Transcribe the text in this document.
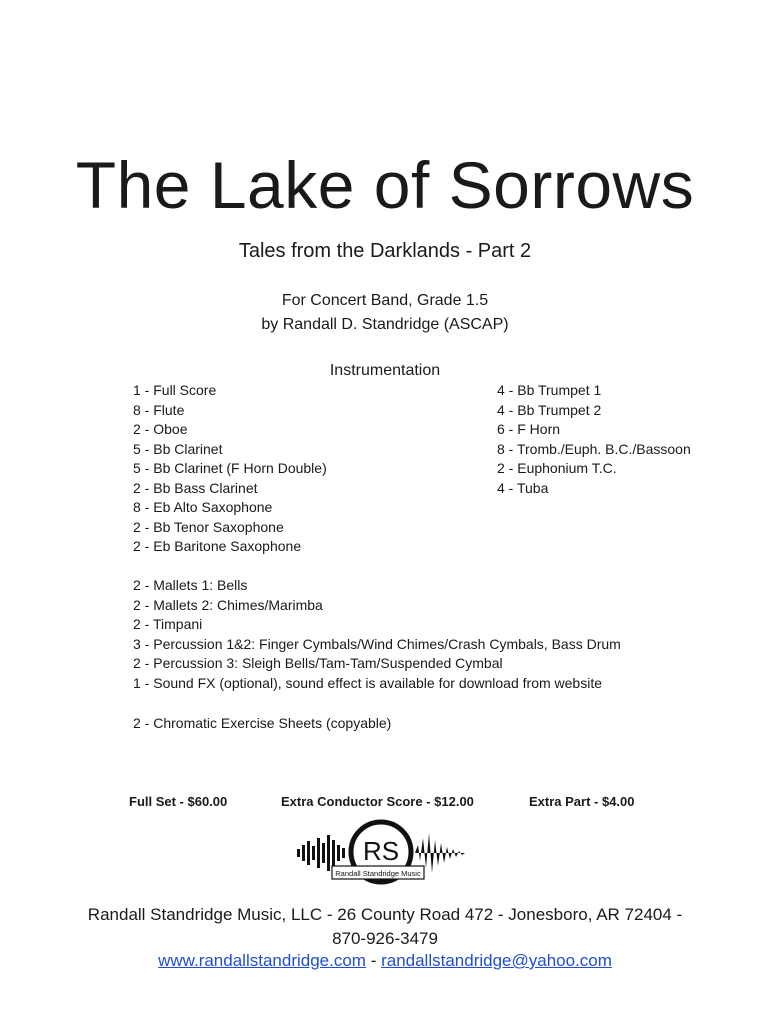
The Lake of Sorrows
Tales from the Darklands - Part 2
For Concert Band, Grade 1.5
by Randall D. Standridge (ASCAP)
Instrumentation
1 - Full Score
8 - Flute
2 - Oboe
5 - Bb Clarinet
5 - Bb Clarinet (F Horn Double)
2 - Bb Bass Clarinet
8 - Eb Alto Saxophone
2 - Bb Tenor Saxophone
2 - Eb Baritone Saxophone
4 - Bb Trumpet 1
4 - Bb Trumpet 2
6 - F Horn
8 - Tromb./Euph. B.C./Bassoon
2 - Euphonium T.C.
4 - Tuba
2 - Mallets 1: Bells
2 - Mallets 2: Chimes/Marimba
2 - Timpani
3 - Percussion 1&2: Finger Cymbals/Wind Chimes/Crash Cymbals, Bass Drum
2 - Percussion 3: Sleigh Bells/Tam-Tam/Suspended Cymbal
1 - Sound FX (optional), sound effect is available for download from website
2 - Chromatic Exercise Sheets (copyable)
Full Set - $60.00	Extra Conductor Score - $12.00	Extra Part - $4.00
RS
Randall Standridge Music
Randall Standridge Music, LLC - 26 County Road 472 - Jonesboro, AR 72404 -
870-926-3479
www.randallstandridge.com - randallstandridge@yahoo.com
